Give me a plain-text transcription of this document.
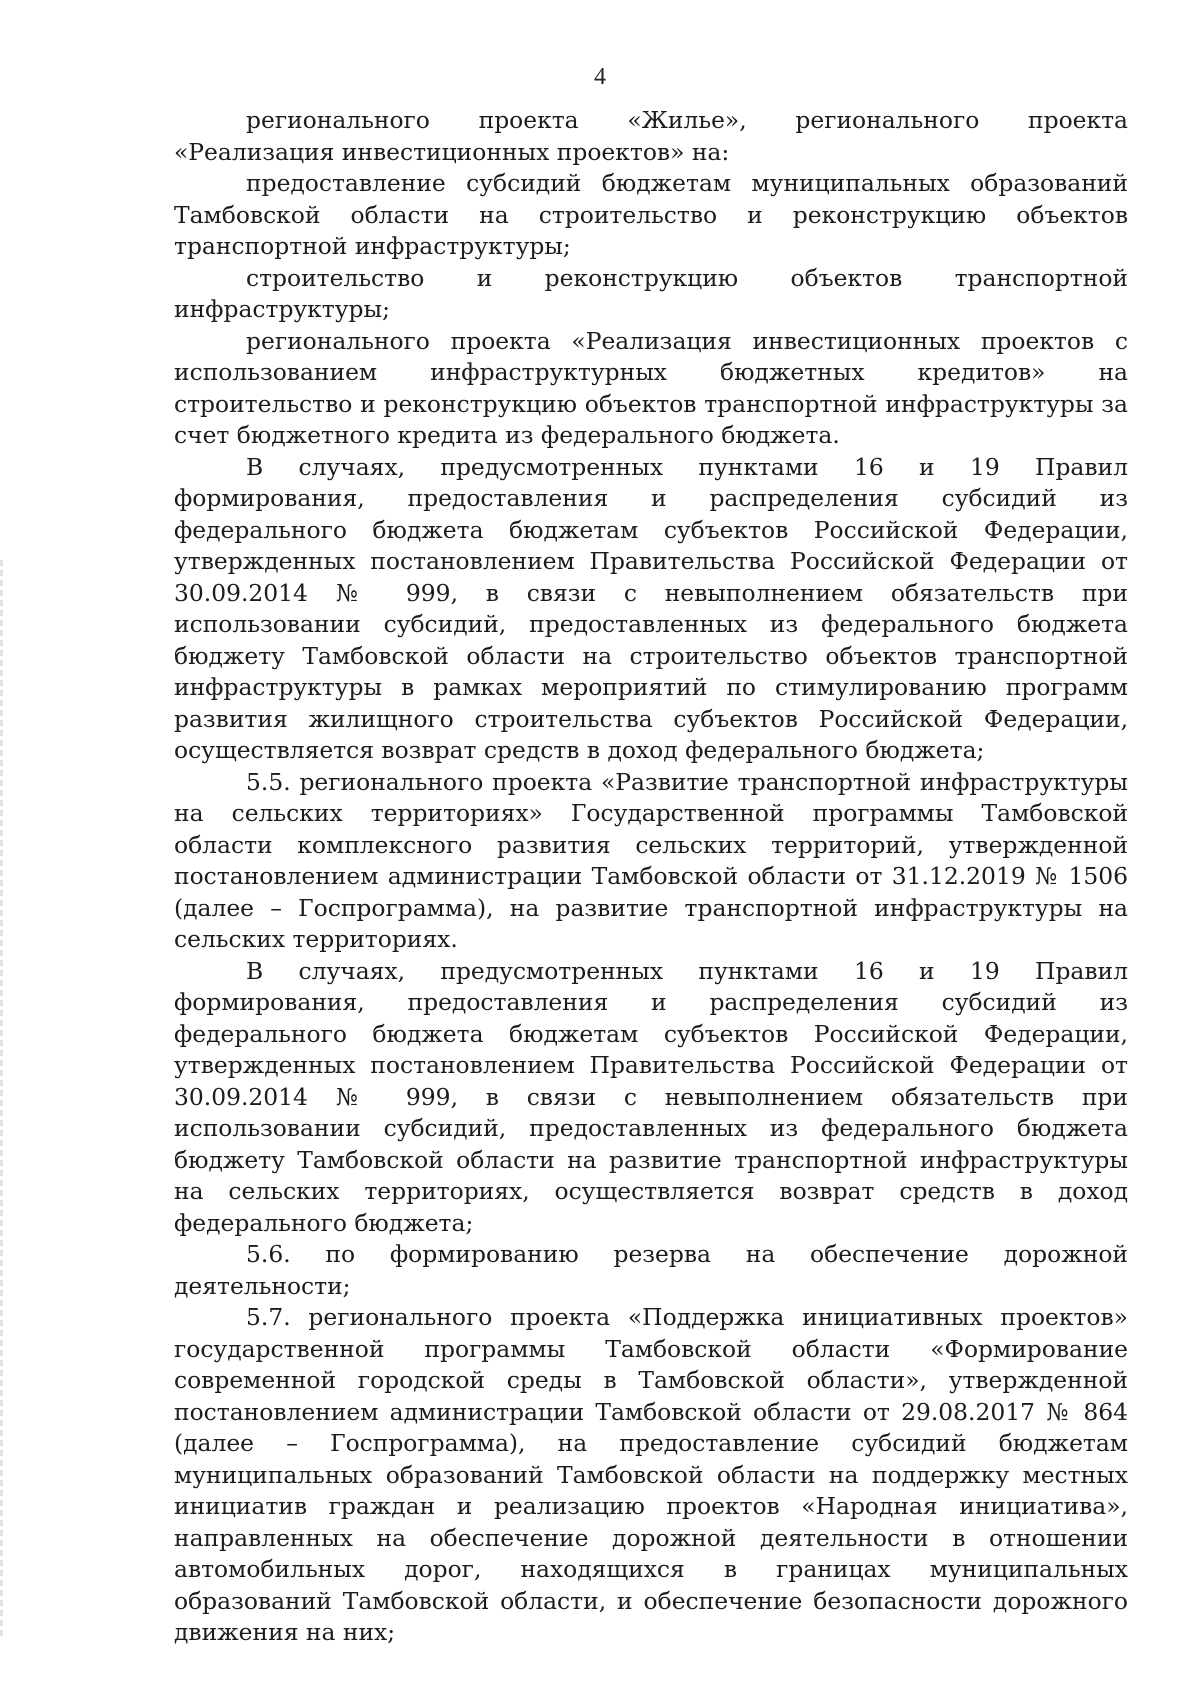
4

регионального проекта «Жилье», регионального проекта «Реализация инвестиционных проектов» на:

предоставление субсидий бюджетам муниципальных образований Тамбовской области на строительство и реконструкцию объектов транспортной инфраструктуры;

строительство и реконструкцию объектов транспортной инфраструктуры;

регионального проекта «Реализация инвестиционных проектов с использованием инфраструктурных бюджетных кредитов» на строительство и реконструкцию объектов транспортной инфраструктуры за счет бюджетного кредита из федерального бюджета.

В случаях, предусмотренных пунктами 16 и 19 Правил формирования, предоставления и распределения субсидий из федерального бюджета бюджетам субъектов Российской Федерации, утвержденных постановлением Правительства Российской Федерации от 30.09.2014 № 999, в связи с невыполнением обязательств при использовании субсидий, предоставленных из федерального бюджета бюджету Тамбовской области на строительство объектов транспортной инфраструктуры в рамках мероприятий по стимулированию программ развития жилищного строительства субъектов Российской Федерации, осуществляется возврат средств в доход федерального бюджета;

5.5. регионального проекта «Развитие транспортной инфраструктуры на сельских территориях» Государственной программы Тамбовской области комплексного развития сельских территорий, утвержденной постановлением администрации Тамбовской области от 31.12.2019 № 1506 (далее – Госпрограмма), на развитие транспортной инфраструктуры на сельских территориях.

В случаях, предусмотренных пунктами 16 и 19 Правил формирования, предоставления и распределения субсидий из федерального бюджета бюджетам субъектов Российской Федерации, утвержденных постановлением Правительства Российской Федерации от 30.09.2014 № 999, в связи с невыполнением обязательств при использовании субсидий, предоставленных из федерального бюджета бюджету Тамбовской области на развитие транспортной инфраструктуры на сельских территориях, осуществляется возврат средств в доход федерального бюджета;

5.6. по формированию резерва на обеспечение дорожной деятельности;

5.7. регионального проекта «Поддержка инициативных проектов» государственной программы Тамбовской области «Формирование современной городской среды в Тамбовской области», утвержденной постановлением администрации Тамбовской области от 29.08.2017 № 864 (далее – Госпрограмма), на предоставление субсидий бюджетам муниципальных образований Тамбовской области на поддержку местных инициатив граждан и реализацию проектов «Народная инициатива», направленных на обеспечение дорожной деятельности в отношении автомобильных дорог, находящихся в границах муниципальных образований Тамбовской области, и обеспечение безопасности дорожного движения на них;
